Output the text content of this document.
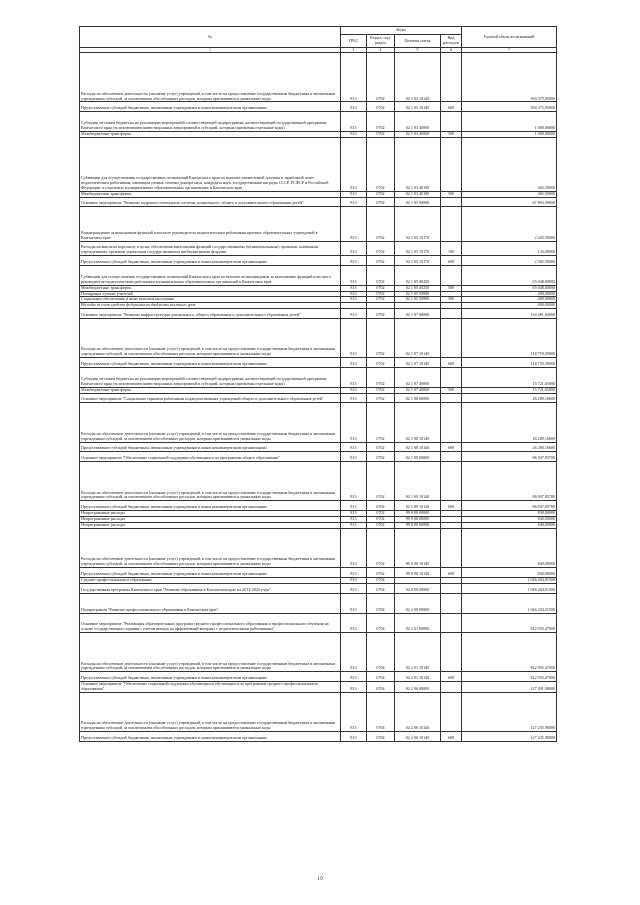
№	Коды				Годовой объем ассигнований
	ГРБС	Раздел, под-раздел	Целевая статья	Вид расходов	
1	3	4	5	6	7
Расходы на обеспечение деятельности (оказание услуг) учреждений, в том числе на предоставление государственным бюджетным и автономным учреждениям субсидий, за исключением обособленных расходов, которым присваиваются уникальные коды	813	0702	02 1 03 10140		394 375,05000
Предоставление субсидий бюджетным, автономным учреждениям и иным некоммерческим организациям	813	0702	02 1 03 10140	600	394 375,05000
Субсидии местным бюджетам на реализацию мероприятий соответствующей подпрограммы соответствующей государственной программы Камчатского края (за исключением инвестиционных мероприятий и субсидий, которым присвоены отдельные коды)	813	0702	02 1 03 40060		1 000,00000
Межбюджетные трансферты	813	0702	02 1 03 40060	500	1 000,00000
Субвенции для осуществления государственных полномочий Камчатского края по выплате ежемесячной доплаты к заработной плате педагогическим работникам, имеющим ученые степени доктора наук, кандидата наук, государственные награды СССР, РСФСР и Российской Федерации, в отдельных муниципальных образовательных организациях в Камчатском крае	813	0702	02 1 03 40190		402,50000
Межбюджетные трансферты	813	0702	02 1 03 40190	500	402,50000
Основное мероприятие "Развитие кадрового потенциала системы дошкольного, общего и дополнительного образования детей"	813	0702	02 1 05 00000		67 893,50000
Вознаграждение за выполнение функций классного руководителя педагогическим работникам краевых образовательных учреждений в Камчатском крае	813	0702	02 1 05 10170		2 445,50000
Расходы на выплаты персоналу в целях обеспечения выполнения функций государственными (муниципальными) органами, казенными учреждениями, органами управления государственными внебюджетными фондами	813	0702	02 1 05 10170	100	143,00000
Предоставление субсидий бюджетным, автономным учреждениям и иным некоммерческим организациям	813	0702	02 1 05 10170	600	2 302,50000
Субвенции для осуществления государственных полномочий Камчатского края по выплате вознаграждения за выполнение функций классного руководителя педагогическим работникам муниципальных образовательных организаций в Камчатском крае	813	0702	02 1 05 40250		65 048,00000
Межбюджетные трансферты	813	0702	02 1 05 40250	500	65 048,00000
Поощрение лучших учителей	813	0702	02 1 05 50880		400,00000
Социальное обеспечение и иные выплаты населению	813	0702	02 1 05 50880	300	400,00000
Расходы за счет средств федерального бюджета местного уров					400,00000
Основное мероприятие "Развитие инфраструктуры дошкольного, общего образования и дополнительного образования детей"	813	0702	02 1 07 00000		134 481,04000
Расходы на обеспечение деятельности (оказание услуг) учреждений, в том числе на предоставление государственным бюджетным и автономным учреждениям субсидий, за исключением обособленных расходов, которым присваиваются уникальные коды	813	0702	02 1 07 10140		118 759,39000
Предоставление субсидий бюджетным, автономным учреждениям и иным некоммерческим организациям	813	0702	02 1 07 10140	600	118 759,39000
Субсидии местным бюджетам на реализацию мероприятий соответствующей подпрограммы соответствующей государственной программы Камчатского края (за исключением инвестиционных мероприятий и субсидий, которым присвоены отдельные коды)	813	0702	02 1 07 40060		15 721,65000
Межбюджетные трансферты	813	0702	02 1 07 40060	500	15 721,65000
Основное мероприятие "Социальные гарантии работникам подведомственных учреждений общего и дополнительного образования детей"	813	0702	02 1 08 00000		26 280,16600
Расходы на обеспечение деятельности (оказание услуг) учреждений, в том числе на предоставление государственным бюджетным и автономным учреждениям субсидий, за исключением обособленных расходов, которым присваиваются уникальные коды	813	0702	02 1 08 10140		26 280,16600
Предоставление субсидий бюджетным, автономным учреждениям и иным некоммерческим организациям	813	0702	02 1 08 10140	600	26 280,16600
Основное мероприятие "Обеспечение социальной поддержки обучающихся по программам общего образования"	813	0702	02 1 09 00000		86 947,85700
Расходы на обеспечение деятельности (оказание услуг) учреждений, в том числе на предоставление государственным бюджетным и автономным учреждениям субсидий, за исключением обособленных расходов, которым присваиваются уникальные коды	813	0702	02 1 09 10140		86 947,85700
Предоставление субсидий бюджетным, автономным учреждениям и иным некоммерческим организациям	813	0702	02 1 09 10140	600	86 947,85700
Непрограммные расходы	813	0702	99 0 00 00000		840,00000
Непрограммные расходы	813	0702	99 0 00 00000		840,00000
Непрограммные расходы	813	0702	99 0 00 00000		840,00000
Расходы на обеспечение деятельности (оказание услуг) учреждений, в том числе на предоставление государственным бюджетным и автономным учреждениям субсидий, за исключением обособленных расходов, которым присваиваются уникальные коды	813	0702	99 0 00 10140		840,00000
Предоставление субсидий бюджетным, автономным учреждениям и иным некоммерческим организациям	813	0702	99 0 00 10140	600	840,00000
Среднее профессиональное образование	813	0704			1 046 404,01500
Государственная программа Камчатского края "Развитие образования в Камчатском крае на 2014-2020 годы"	813	0704	02 0 00 00000		1 046 204,01500
Подпрограмма "Развитие профессионального образования в Камчатском крае"	813	0704	02 2 00 00000		1 046 204,01500
Основное мероприятие "Реализация образовательных программ среднего профессионального образования и профессионального обучения на основе государственного задания с учетом выхода на эффективный контракт с педагогическими работниками"	813	0704	02 2 01 00000		812 955,47000
Расходы на обеспечение деятельности (оказание услуг) учреждений, в том числе на предоставление государственным бюджетным и автономным учреждениям субсидий, за исключением обособленных расходов, которым присваиваются уникальные коды	813	0704	02 2 01 10140		812 955,47000
Предоставление субсидий бюджетным, автономным учреждениям и иным некоммерческим организациям	813	0704	02 2 01 10140	600	812 955,47000
Основное мероприятие "Обеспечение социальной поддержки обучающихся обучающихся по программам среднего профессионального образования"	813	0704	02 2 06 00000		127 491,98000
Расходы на обеспечение деятельности (оказание услуг) учреждений, в том числе на предоставление государственным бюджетным и автономным учреждениям субсидий, за исключением обособленных расходов, которым присваиваются уникальные коды	813	0704	02 2 06 10140		127 235,98000
Предоставление субсидий бюджетным, автономным учреждениям и иным некоммерческим организациям	813	0704	02 2 06 10140	600	127 235,98000
19
